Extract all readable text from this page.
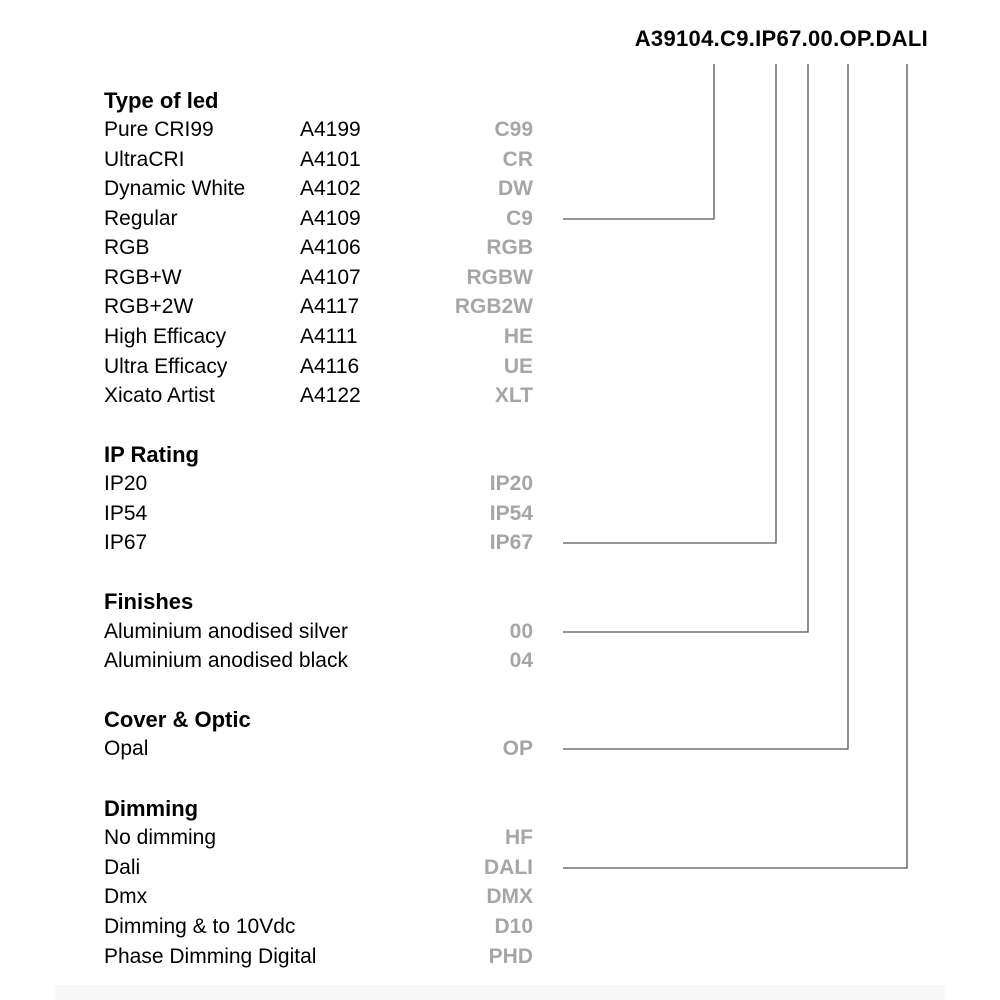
A39104.C9.IP67.00.OP.DALI
Type of led
Pure CRI99	A4199	C99
UltraCRI	A4101	CR
Dynamic White	A4102	DW
Regular	A4109	C9
RGB	A4106	RGB
RGB+W	A4107	RGBW
RGB+2W	A4117	RGB2W
High Efficacy	A4111	HE
Ultra Efficacy	A4116	UE
Xicato Artist	A4122	XLT
IP Rating
IP20	IP20
IP54	IP54
IP67	IP67
Finishes
Aluminium anodised silver	00
Aluminium anodised black	04
Cover & Optic
Opal	OP
Dimming
No dimming	HF
Dali	DALI
Dmx	DMX
Dimming & to 10Vdc	D10
Phase Dimming Digital	PHD
